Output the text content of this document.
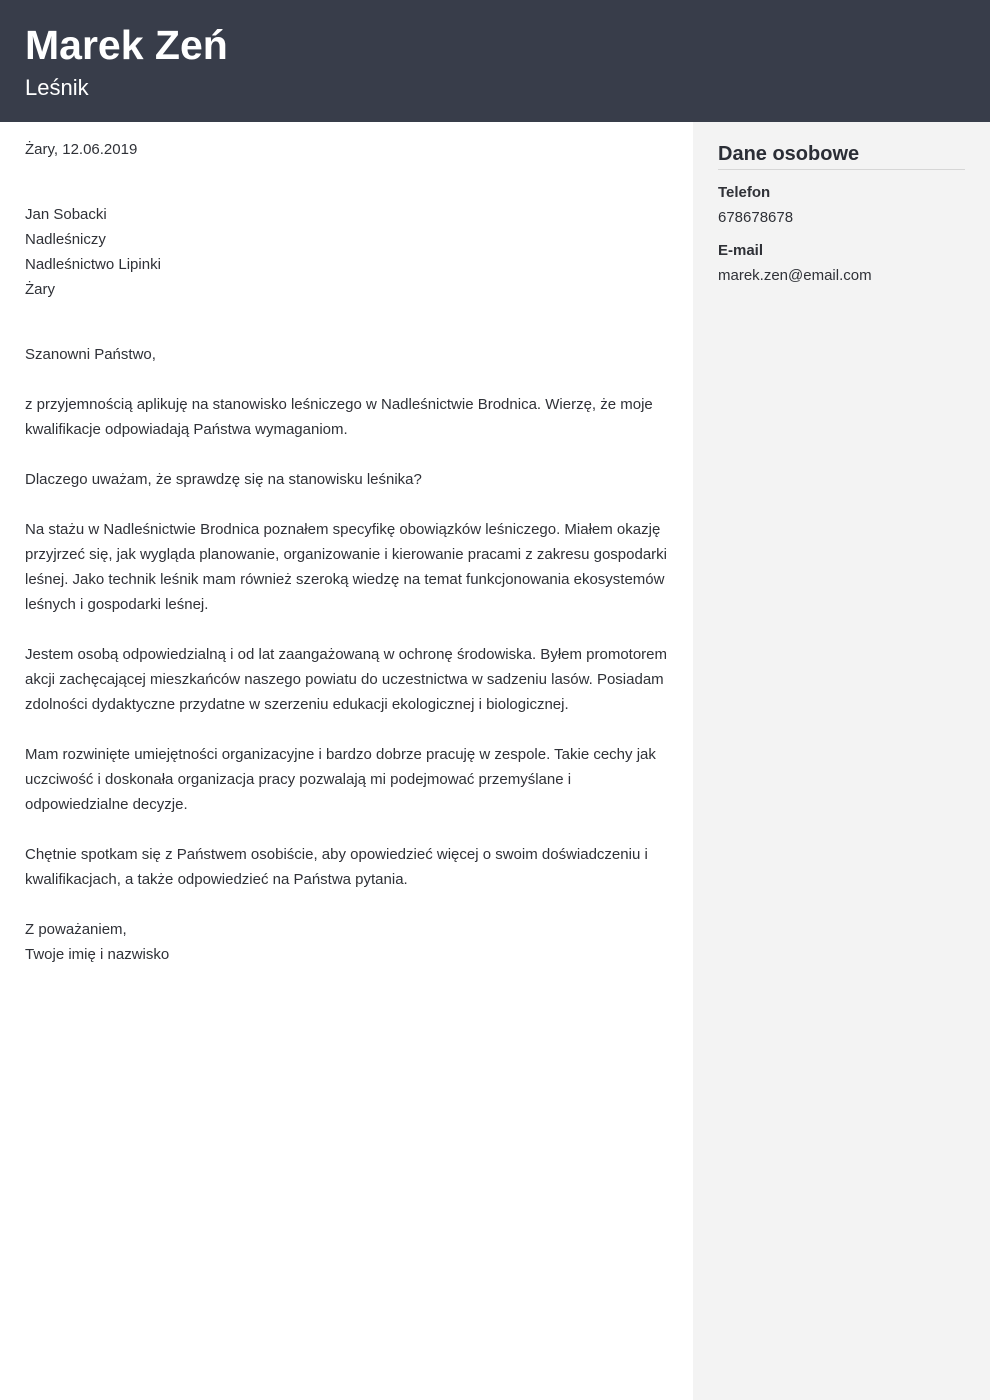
Marek Zeń
Leśnik

Żary, 12.06.2019

Jan Sobacki

Nadleśniczy

Nadleśnictwo Lipinki

Żary

Szanowni Państwo,

z przyjemnością aplikuję na stanowisko leśniczego w Nadleśnictwie Brodnica. Wierzę, że moje kwalifikacje odpowiadają Państwa wymaganiom.

Dlaczego uważam, że sprawdzę się na stanowisku leśnika?

Na stażu w Nadleśnictwie Brodnica poznałem specyfikę obowiązków leśniczego. Miałem okazję przyjrzeć się, jak wygląda planowanie, organizowanie i kierowanie pracami z zakresu gospodarki leśnej. Jako technik leśnik mam również szeroką wiedzę na temat funkcjonowania ekosystemów leśnych i gospodarki leśnej.

Jestem osobą odpowiedzialną i od lat zaangażowaną w ochronę środowiska. Byłem promotorem akcji zachęcającej mieszkańców naszego powiatu do uczestnictwa w sadzeniu lasów. Posiadam zdolności dydaktyczne przydatne w szerzeniu edukacji ekologicznej i biologicznej.

Mam rozwinięte umiejętności organizacyjne i bardzo dobrze pracuję w zespole. Takie cechy jak uczciwość i doskonała organizacja pracy pozwalają mi podejmować przemyślane i odpowiedzialne decyzje.

Chętnie spotkam się z Państwem osobiście, aby opowiedzieć więcej o swoim doświadczeniu i kwalifikacjach, a także odpowiedzieć na Państwa pytania.

Z poważaniem,

Twoje imię i nazwisko

Dane osobowe
Telefon
678678678
E-mail
marek.zen@email.com
